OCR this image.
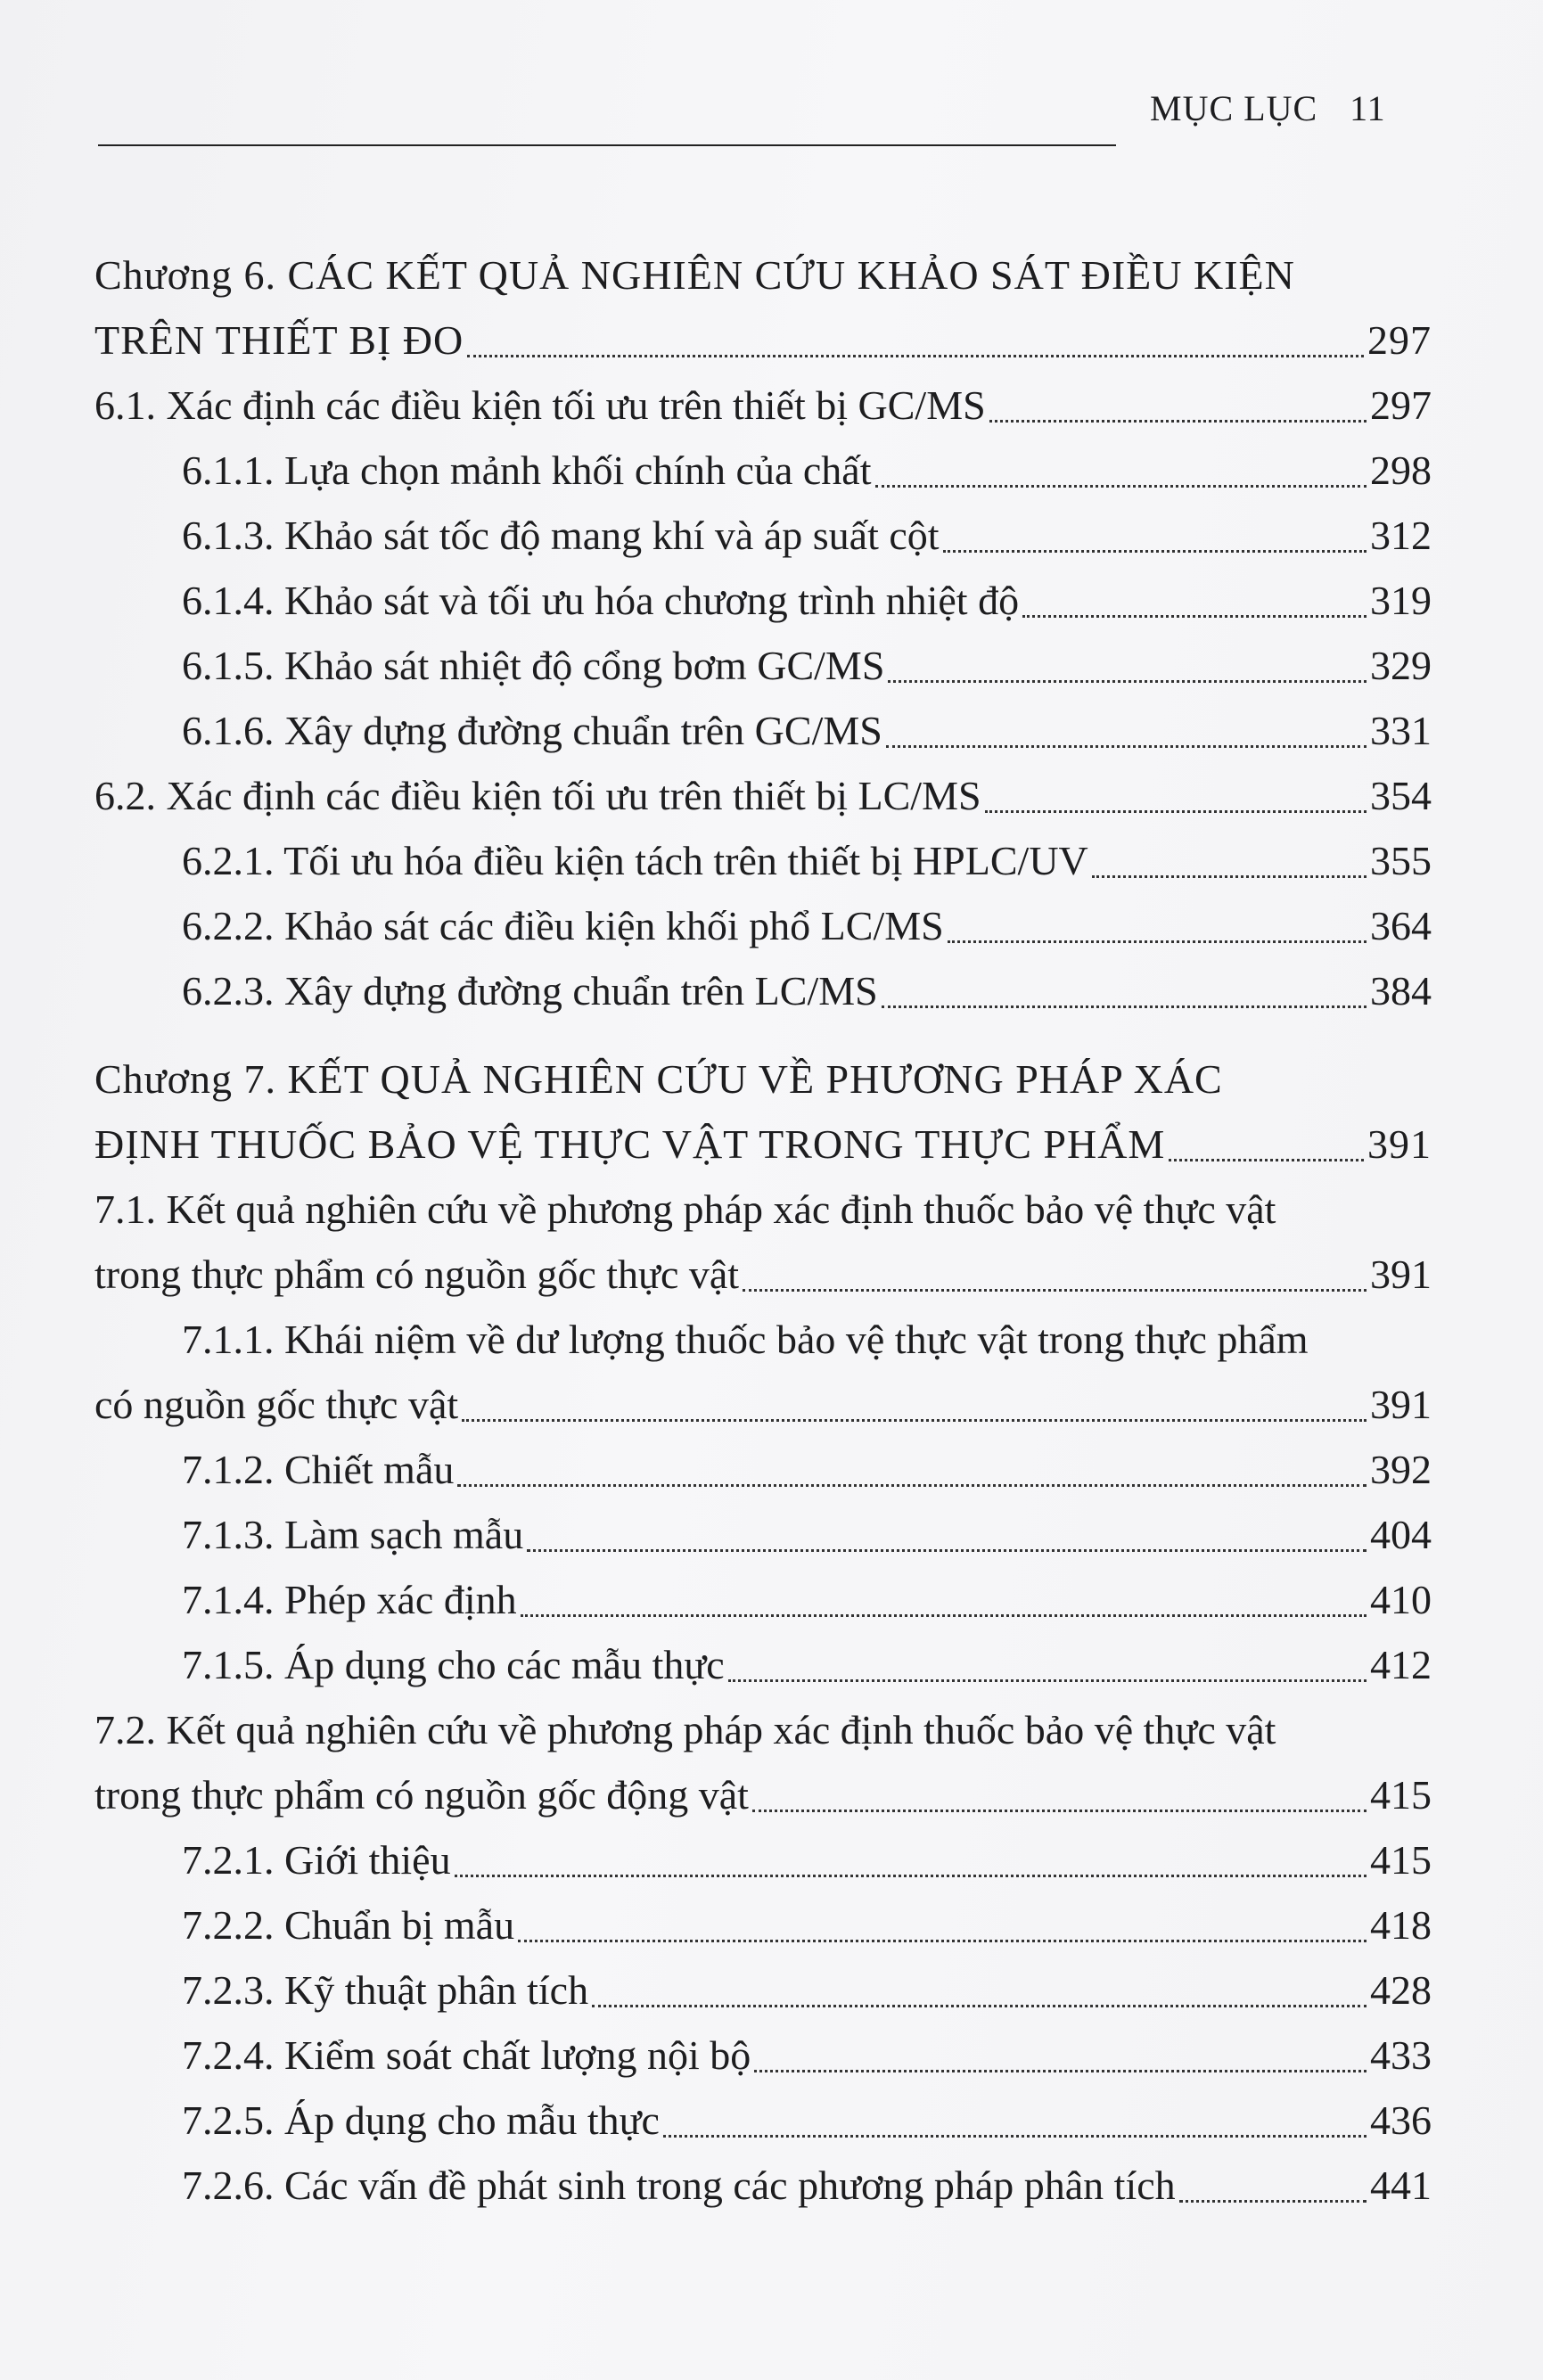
MỤC LỤC 11
Chương 6. CÁC KẾT QUẢ NGHIÊN CỨU KHẢO SÁT ĐIỀU KIỆN
TRÊN THIẾT BỊ ĐO	297
6.1. Xác định các điều kiện tối ưu trên thiết bị GC/MS	297
6.1.1. Lựa chọn mảnh khối chính của chất	298
6.1.3. Khảo sát tốc độ mang khí và áp suất cột	312
6.1.4. Khảo sát và tối ưu hóa chương trình nhiệt độ	319
6.1.5. Khảo sát nhiệt độ cổng bơm GC/MS	329
6.1.6. Xây dựng đường chuẩn trên GC/MS	331
6.2. Xác định các điều kiện tối ưu trên thiết bị LC/MS	354
6.2.1. Tối ưu hóa điều kiện tách trên thiết bị HPLC/UV	355
6.2.2. Khảo sát các điều kiện khối phổ LC/MS	364
6.2.3. Xây dựng đường chuẩn trên LC/MS	384
Chương 7. KẾT QUẢ NGHIÊN CỨU VỀ PHƯƠNG PHÁP XÁC
ĐỊNH THUỐC BẢO VỆ THỰC VẬT TRONG THỰC PHẨM	391
7.1. Kết quả nghiên cứu về phương pháp xác định thuốc bảo vệ thực vật
trong thực phẩm có nguồn gốc thực vật	391
7.1.1. Khái niệm về dư lượng thuốc bảo vệ thực vật trong thực phẩm
có nguồn gốc thực vật	391
7.1.2. Chiết mẫu	392
7.1.3. Làm sạch mẫu	404
7.1.4. Phép xác định	410
7.1.5. Áp dụng cho các mẫu thực	412
7.2. Kết quả nghiên cứu về phương pháp xác định thuốc bảo vệ thực vật
trong thực phẩm có nguồn gốc động vật	415
7.2.1. Giới thiệu	415
7.2.2. Chuẩn bị mẫu	418
7.2.3. Kỹ thuật phân tích	428
7.2.4. Kiểm soát chất lượng nội bộ	433
7.2.5. Áp dụng cho mẫu thực	436
7.2.6. Các vấn đề phát sinh trong các phương pháp phân tích	441
